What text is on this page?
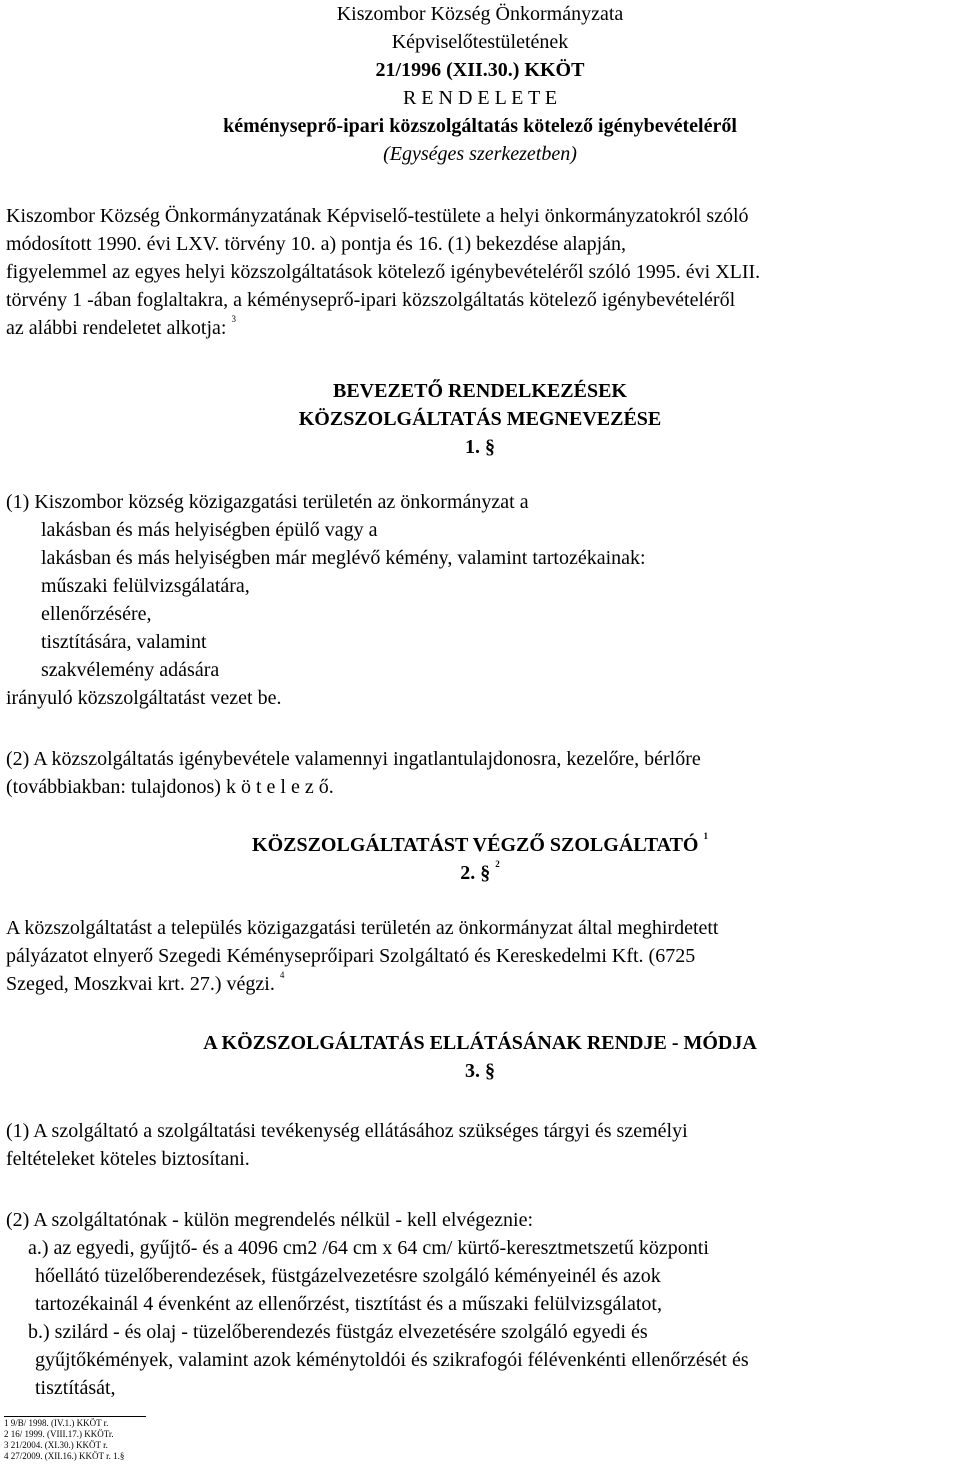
Kiszombor Község Önkormányzata
Képviselőtestületének
21/1996 (XII.30.) KKÖT
R E N D E L E T E
kéményseprő-ipari közszolgáltatás kötelező igénybevételéről
(Egységes szerkezetben)
Kiszombor Község Önkormányzatának Képviselő-testülete a helyi önkormányzatokról szóló
módosított 1990. évi LXV. törvény 10. a) pontja és 16. (1) bekezdése alapján,
figyelemmel az egyes helyi közszolgáltatások kötelező igénybevételéről szóló 1995. évi XLII.
törvény 1 -ában foglaltakra, a kéményseprő-ipari közszolgáltatás kötelező igénybevételéről
az alábbi rendeletet alkotja: $^3$
BEVEZETŐ RENDELKEZÉSEK
KÖZSZOLGÁLTATÁS MEGNEVEZÉSE
1. §
(1) Kiszombor község közigazgatási területén az önkormányzat a
lakásban és más helyiségben épülő vagy a
lakásban és más helyiségben már meglévő kémény, valamint tartozékainak:
műszaki felülvizsgálatára,
ellenőrzésére,
tisztítására, valamint
szakvélemény adására
irányuló közszolgáltatást vezet be.
(2) A közszolgáltatás igénybevétele valamennyi ingatlantulajdonosra, kezelőre, bérlőre
(továbbiakban: tulajdonos) k ö t e l e z ő.
KÖZSZOLGÁLTATÁST VÉGZŐ SZOLGÁLTATÓ $^1$
2. § $^2$
A közszolgáltatást a település közigazgatási területén az önkormányzat által meghirdetett
pályázatot elnyerő Szegedi Kéményseprőipari Szolgáltató és Kereskedelmi Kft. (6725
Szeged, Moszkvai krt. 27.) végzi. $^4$
A KÖZSZOLGÁLTATÁS ELLÁTÁSÁNAK RENDJE - MÓDJA
3. §
(1) A szolgáltató a szolgáltatási tevékenység ellátásához szükséges tárgyi és személyi
feltételeket köteles biztosítani.
(2) A szolgáltatónak - külön megrendelés nélkül - kell elvégeznie:
a.) az egyedi, gyűjtő- és a 4096 cm2 /64 cm x 64 cm/ kürtő-keresztmetszetű központi
hőellátó tüzelőberendezések, füstgázelvezetésre szolgáló kéményeinél és azok
tartozékainál 4 évenként az ellenőrzést, tisztítást és a műszaki felülvizsgálatot,
b.) szilárd - és olaj - tüzelőberendezés füstgáz elvezetésére szolgáló egyedi és
gyűjtőkémények, valamint azok kéménytoldói és szikrafogói félévenkénti ellenőrzését és
tisztítását,
1 9/B/ 1998. (IV.1.) KKÖT r.
2 16/ 1999. (VIII.17.) KKÖTr.
3 21/2004. (XI.30.) KKÖT r.
4 27/2009. (XII.16.) KKÖT r. 1.§
